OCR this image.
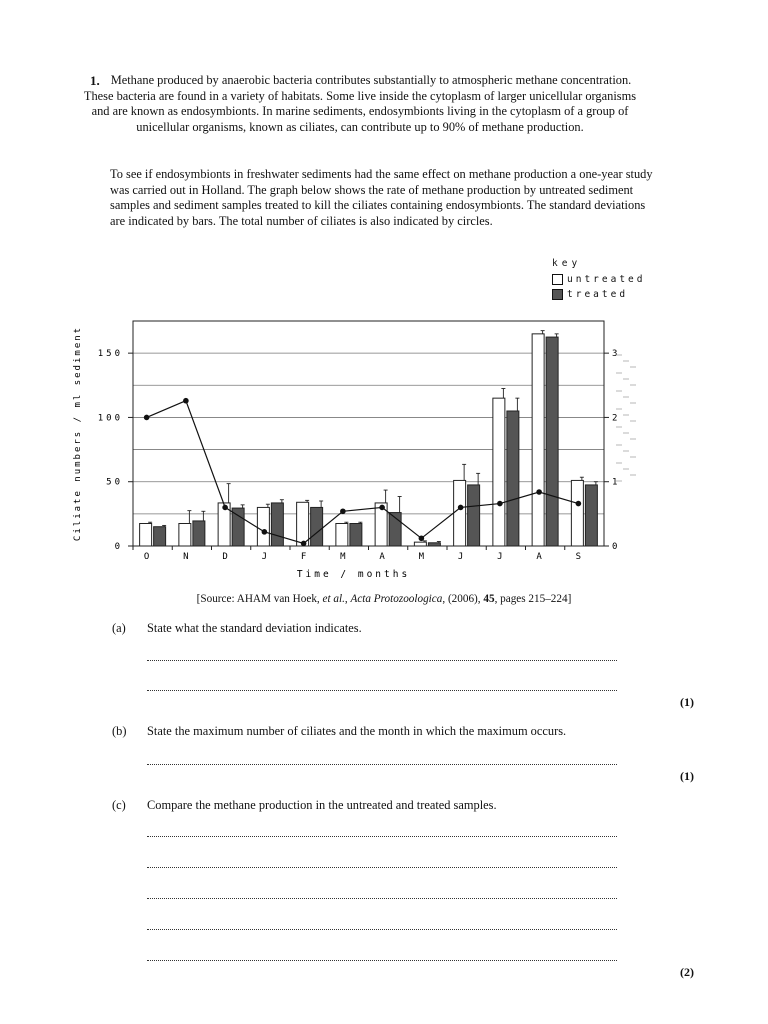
1. Methane produced by anaerobic bacteria contributes substantially to atmospheric methane concentration. These bacteria are found in a variety of habitats. Some live inside the cytoplasm of larger unicellular organisms and are known as endosymbionts. In marine sediments, endosymbionts living in the cytoplasm of a group of unicellular organisms, known as ciliates, can contribute up to 90% of methane production.
To see if endosymbionts in freshwater sediments had the same effect on methane production a one-year study was carried out in Holland. The graph below shows the rate of methane production by untreated sediment samples and sediment samples treated to kill the ciliates containing endosymbionts. The standard deviations are indicated by bars. The total number of ciliates is also indicated by circles.
key
untreated
treated
0
50
100
150
0
1
2
3
Ciliate numbers / ml sediment
O	N	D	J	F	M	A	M	J	J	A	S
Time / months
[Source: AHAM van Hoek, et al., Acta Protozoologica, (2006), 45, pages 215–224]
(a) State what the standard deviation indicates.
(1)
(b) State the maximum number of ciliates and the month in which the maximum occurs.
(1)
(c) Compare the methane production in the untreated and treated samples.
(2)
